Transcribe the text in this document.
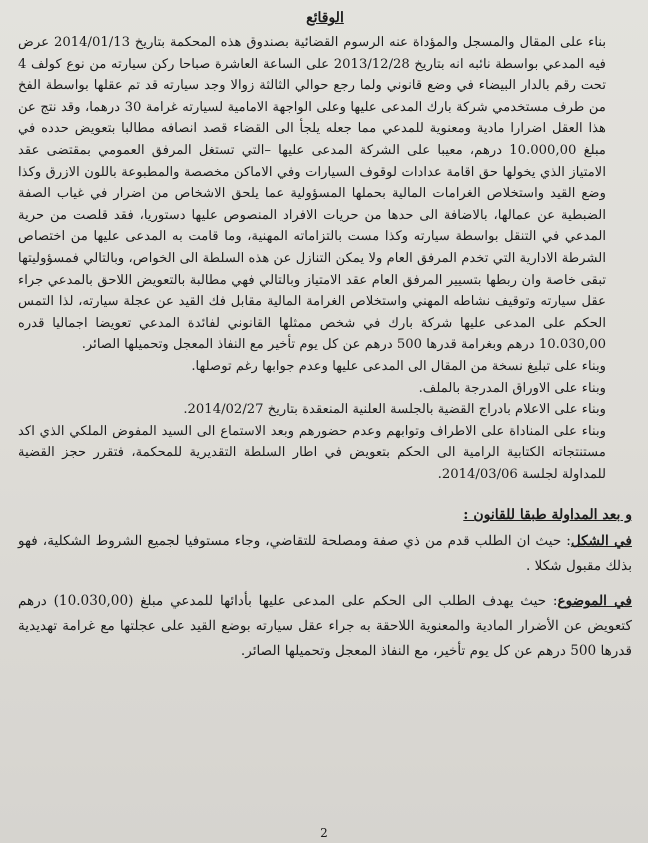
الوقائع

بناء على المقال والمسجل والمؤداة عنه الرسوم القضائية بصندوق هذه المحكمة بتاريخ 2014/01/13 عرض فيه المدعي بواسطة نائبه انه بتاريخ 2013/12/28 على الساعة العاشرة صباحا ركن سيارته من نوع كولف 4 تحت رقم بالدار البيضاء في وضع قانوني ولما رجع حوالي الثالثة زوالا وجد سيارته قد تم عقلها بواسطة الفخ من طرف مستخدمي شركة بارك المدعى عليها وعلى الواجهة الامامية لسيارته غرامة 30 درهما، وقد نتج عن هذا العقل اضرارا مادية ومعنوية للمدعي مما جعله يلجأ الى القضاء قصد انصافه مطالبا بتعويض حدده في مبلغ 10.000,00 درهم، معيبا على الشركة المدعى عليها –التي تستغل المرفق العمومي بمقتضى عقد الامتياز الذي يخولها حق اقامة عدادات لوقوف السيارات وفي الاماكن مخصصة والمطبوعة باللون الازرق وكذا وضع القيد واستخلاص الغرامات المالية بحملها المسؤولية عما يلحق الاشخاص من اضرار في غياب الصفة الضبطية عن عمالها، بالاضافة الى حدها من حريات الافراد المنصوص عليها دستوريا، فقد قلصت من حرية المدعي في التنقل بواسطة سيارته وكذا مست بالتزاماته المهنية، وما قامت به المدعى عليها من اختصاص الشرطة الادارية التي تخدم المرفق العام ولا يمكن التنازل عن هذه السلطة الى الخواص، وبالتالي فمسؤوليتها تبقى خاصة وان ربطها بتسيير المرفق العام عقد الامتياز وبالتالي فهي مطالبة بالتعويض اللاحق بالمدعي جراء عقل سيارته وتوقيف نشاطه المهني واستخلاص الغرامة المالية مقابل فك القيد عن عجلة سيارته، لذا التمس الحكم على المدعى عليها شركة بارك في شخص ممثلها القانوني لفائدة المدعي تعويضا اجماليا قدره 10.030,00 درهم وبغرامة قدرها 500 درهم عن كل يوم تأخير مع النفاذ المعجل وتحميلها الصائر.

وبناء على تبليغ نسخة من المقال الى المدعى عليها وعدم جوابها رغم توصلها.

وبناء على الاوراق المدرجة بالملف.

وبناء على الاعلام بادراج القضية بالجلسة العلنية المنعقدة بتاريخ 2014/02/27.

وبناء على المناداة على الاطراف وتوابهم وعدم حضورهم وبعد الاستماع الى السيد المفوض الملكي الذي اكد مستنتجاته الكتابية الرامية الى الحكم بتعويض في اطار السلطة التقديرية للمحكمة، فتقرر حجز القضية للمداولة لجلسة 2014/03/06.

و بعد المداولة طبقا للقانون :

في الشكل: حيث ان الطلب قدم من ذي صفة ومصلحة للتقاضي، وجاء مستوفيا لجميع الشروط الشكلية، فهو بذلك مقبول شكلا .

في الموضوع: حيث يهدف الطلب الى الحكم على المدعى عليها بأدائها للمدعي مبلغ (10.030,00) درهم كتعويض عن الأضرار المادية والمعنوية اللاحقة به جراء عقل سيارته بوضع القيد على عجلتها مع غرامة تهديدية قدرها 500 درهم عن كل يوم تأخير، مع النفاذ المعجل وتحميلها الصائر.

2
